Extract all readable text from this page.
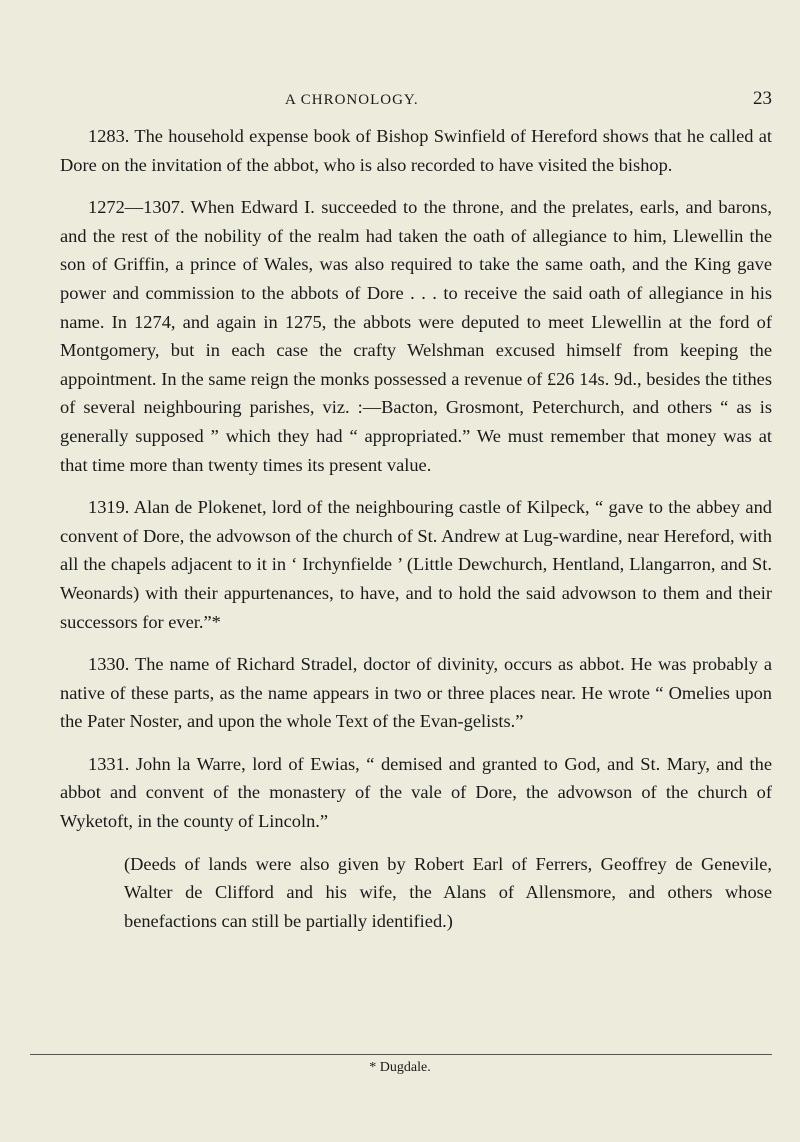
A CHRONOLOGY.	23

1283. The household expense book of Bishop Swinfield of Hereford shows that he called at Dore on the invitation of the abbot, who is also recorded to have visited the bishop.

1272—1307. When Edward I. succeeded to the throne, and the prelates, earls, and barons, and the rest of the nobility of the realm had taken the oath of allegiance to him, Llewellin the son of Griffin, a prince of Wales, was also required to take the same oath, and the King gave power and commission to the abbots of Dore . . . to receive the said oath of allegiance in his name. In 1274, and again in 1275, the abbots were deputed to meet Llewellin at the ford of Montgomery, but in each case the crafty Welshman excused himself from keeping the appointment. In the same reign the monks possessed a revenue of £26 14s. 9d., besides the tithes of several neighbouring parishes, viz. :—Bacton, Grosmont, Peterchurch, and others “ as is generally supposed ” which they had “ appropriated.” We must remember that money was at that time more than twenty times its present value.

1319. Alan de Plokenet, lord of the neighbouring castle of Kilpeck, “ gave to the abbey and convent of Dore, the advowson of the church of St. Andrew at Lug-wardine, near Hereford, with all the chapels adjacent to it in ‘ Irchynfielde ’ (Little Dewchurch, Hentland, Llangarron, and St. Weonards) with their appurtenances, to have, and to hold the said advowson to them and their successors for ever.”*

1330. The name of Richard Stradel, doctor of divinity, occurs as abbot. He was probably a native of these parts, as the name appears in two or three places near. He wrote “ Omelies upon the Pater Noster, and upon the whole Text of the Evan-gelists.”

1331. John la Warre, lord of Ewias, “ demised and granted to God, and St. Mary, and the abbot and convent of the monastery of the vale of Dore, the advowson of the church of Wyketoft, in the county of Lincoln.”

(Deeds of lands were also given by Robert Earl of Ferrers, Geoffrey de Genevile, Walter de Clifford and his wife, the Alans of Allensmore, and others whose benefactions can still be partially identified.)

* Dugdale.
